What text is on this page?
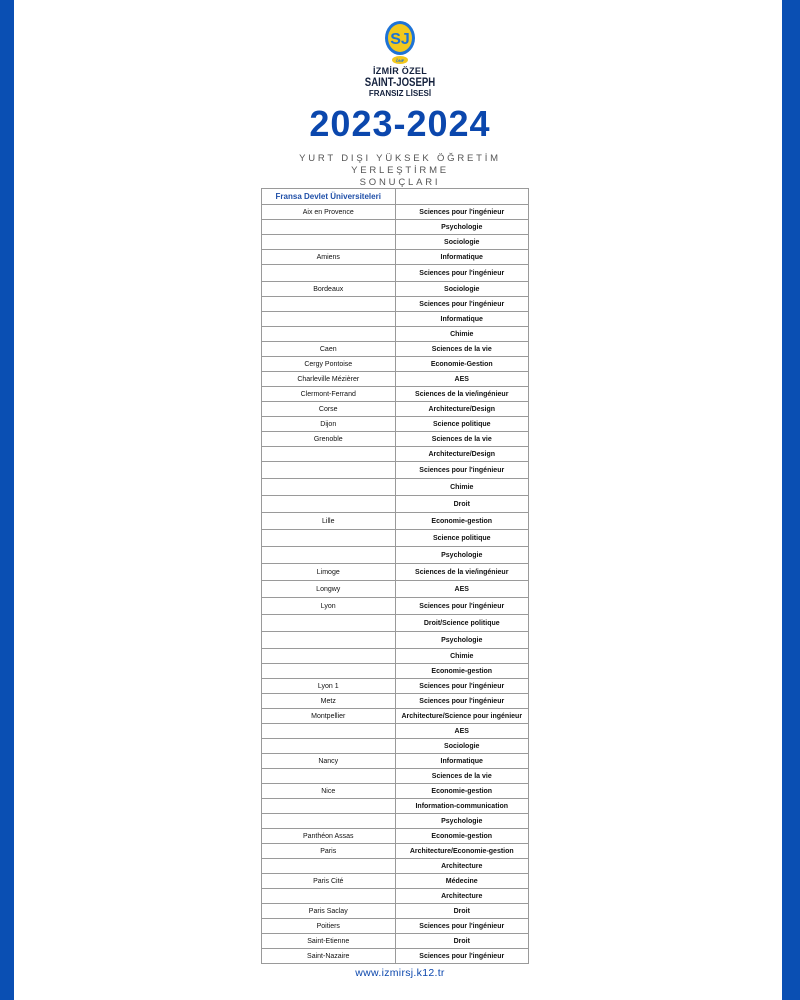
SJ
ÖNF
İZMİR ÖZEL
SAINT-JOSEPH
FRANSIZ LİSESİ
2023-2024
YURT DIŞI YÜKSEK ÖĞRETİM YERLEŞTİRME
SONUÇLARI
Fransa Devlet Üniversiteleri	
Aix en Provence	Sciences pour l'ingénieur
	Psychologie
	Sociologie
Amiens	Informatique
	Sciences pour l'ingénieur
Bordeaux	Sociologie
	Sciences pour l'ingénieur
	Informatique
	Chimie
Caen	Sciences de la vie
Cergy Pontoise	Economie-Gestion
Charleville Mézièrer	AES
Clermont-Ferrand	Sciences de la vie/ingénieur
Corse	Architecture/Design
Dijon	Science politique
Grenoble	Sciences de la vie
	Architecture/Design
	Sciences pour l'ingénieur
	Chimie
	Droit
Lille	Economie-gestion
	Science politique
	Psychologie
Limoge	Sciences de la vie/ingénieur
Longwy	AES
Lyon	Sciences pour l'ingénieur
	Droit/Science politique
	Psychologie
	Chimie
	Economie-gestion
Lyon 1	Sciences pour l'ingénieur
Metz	Sciences pour l'ingénieur
Montpellier	Architecture/Science pour ingénieur
	AES
	Sociologie
Nancy	Informatique
	Sciences de la vie
Nice	Economie-gestion
	Information-communication
	Psychologie
Panthéon Assas	Economie-gestion
Paris	Architecture/Economie-gestion
	Architecture
Paris Cité	Médecine
	Architecture
Paris Saclay	Droit
Poitiers	Sciences pour l'ingénieur
Saint-Etienne	Droit
Saint-Nazaire	Sciences pour l'ingénieur
www.izmirsj.k12.tr
